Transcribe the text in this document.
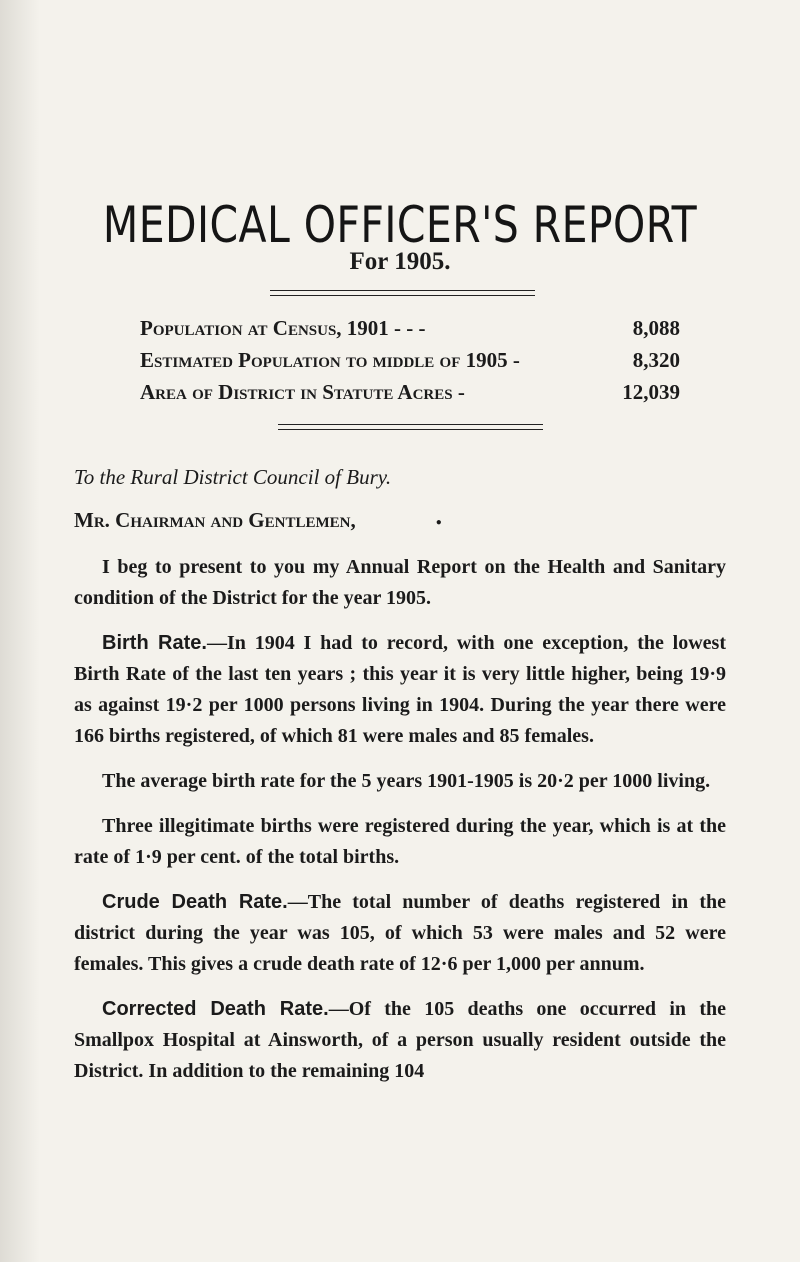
MEDICAL OFFICER'S REPORT
For 1905.
Population at Census, 1901 - - -	8,088
Estimated Population to middle of 1905 -	8,320
Area of District in Statute Acres -	12,039
To the Rural District Council of Bury.
Mr. Chairman and Gentlemen,	●

I beg to present to you my Annual Report on the Health and Sanitary condition of the District for the year 1905.

Birth Rate.—In 1904 I had to record, with one exception, the lowest Birth Rate of the last ten years ; this year it is very little higher, being 19·9 as against 19·2 per 1000 persons living in 1904. During the year there were 166 births registered, of which 81 were males and 85 females.

The average birth rate for the 5 years 1901-1905 is 20·2 per 1000 living.

Three illegitimate births were registered during the year, which is at the rate of 1·9 per cent. of the total births.

Crude Death Rate.—The total number of deaths registered in the district during the year was 105, of which 53 were males and 52 were females. This gives a crude death rate of 12·6 per 1,000 per annum.

Corrected Death Rate.—Of the 105 deaths one occurred in the Smallpox Hospital at Ainsworth, of a person usually resident outside the District. In addition to the remaining 104
